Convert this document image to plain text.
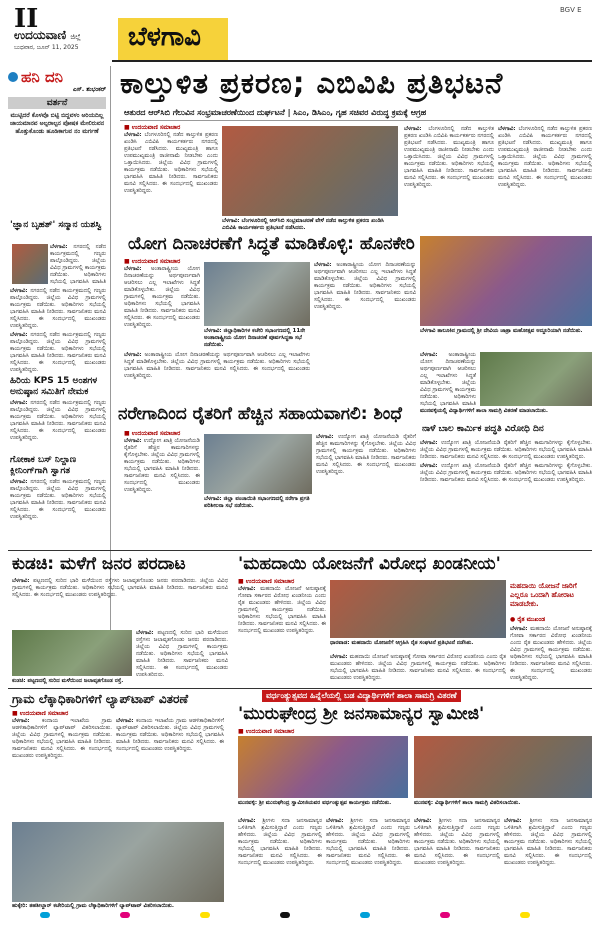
II	BGV E
ಉದಯವಾಣಿ ಜಿಲ್ಲೆ
ಬುಧವಾರ, ಜೂನ್ 11, 2025 ಬೆಳಗಾವಿ
ಹನಿ ದನಿ
ಎಸ್. ಶುಭಂಕರ್
ವರ್ತನೆ
ಮುಟ್ಟಿದರೆ ಕೊಳವೊ ಬಿಟ್ಟಿ ಬಿದ್ದವಳಂ ಅರಿಯದಿಲ್ಲ ಜಾಯಮಾನವ ಅಲ್ಪರಾಲ್ಪನ ಪೋಷಕ ಮೇಲಿರುವನ ಹೊತ್ತುಕೊಂಡು ಹೂಡಿಕಾಗುವ ನಂ ಮರ್ಗಣೆ
'ಜ್ಞಾನ ಬೃಹತ್' ಸನ್ಮಾನ ಯಶಸ್ವಿ

ಬೆಳಗಾವಿ: ನಗರದಲ್ಲಿ ನಡೆದ ಕಾರ್ಯಕ್ರಮದಲ್ಲಿ ಗಣ್ಯರು ಪಾಲ್ಗೊಂಡಿದ್ದರು. ಜಿಲ್ಲೆಯ ವಿವಿಧ ಗ್ರಾಮಗಳಲ್ಲಿ ಕಾರ್ಯಕ್ರಮ ನಡೆಯಿತು. ಅಧಿಕಾರಿಗಳು ಸಭೆಯಲ್ಲಿ ಭಾಗವಹಿಸಿ ಮಾಹಿತಿ ನೀಡಿದರು. ಸಾರ್ವಜನಿಕರು ಮನವಿ ಸಲ್ಲಿಸಿದರು. ಈ ಸಂದರ್ಭದಲ್ಲಿ ಮುಖಂಡರು ಉಪಸ್ಥಿತರಿದ್ದರು.

ಬೆಳಗಾವಿ: ನಗರದಲ್ಲಿ ನಡೆದ ಕಾರ್ಯಕ್ರಮದಲ್ಲಿ ಗಣ್ಯರು ಪಾಲ್ಗೊಂಡಿದ್ದರು. ಜಿಲ್ಲೆಯ ವಿವಿಧ ಗ್ರಾಮಗಳಲ್ಲಿ ಕಾರ್ಯಕ್ರಮ ನಡೆಯಿತು. ಅಧಿಕಾರಿಗಳು ಸಭೆಯಲ್ಲಿ ಭಾಗವಹಿಸಿ ಮಾಹಿತಿ ನೀಡಿದರು. ಸಾರ್ವಜನಿಕರು ಮನವಿ ಸಲ್ಲಿಸಿದರು. ಈ ಸಂದರ್ಭದಲ್ಲಿ ಮುಖಂಡರು ಉಪಸ್ಥಿತರಿದ್ದರು.

ಬೆಳಗಾವಿ: ನಗರದಲ್ಲಿ ನಡೆದ ಕಾರ್ಯಕ್ರಮದಲ್ಲಿ ಗಣ್ಯರು ಪಾಲ್ಗೊಂಡಿದ್ದರು. ಜಿಲ್ಲೆಯ ವಿವಿಧ ಗ್ರಾಮಗಳಲ್ಲಿ ಕಾರ್ಯಕ್ರಮ ನಡೆಯಿತು. ಅಧಿಕಾರಿಗಳು ಸಭೆಯಲ್ಲಿ ಭಾಗವಹಿಸಿ ಮಾಹಿತಿ ನೀಡಿದರು. ಸಾರ್ವಜನಿಕರು ಮನವಿ ಸಲ್ಲಿಸಿದರು. ಈ ಸಂದರ್ಭದಲ್ಲಿ ಮುಖಂಡರು ಉಪಸ್ಥಿತರಿದ್ದರು.

ಹಿರಿಯ KPS 15 ಅಂಶಗಳ ಅನುಷ್ಠಾನ ಸಮಿತಿಗೆ ನೇಮಕ

ಬೆಳಗಾವಿ: ನಗರದಲ್ಲಿ ನಡೆದ ಕಾರ್ಯಕ್ರಮದಲ್ಲಿ ಗಣ್ಯರು ಪಾಲ್ಗೊಂಡಿದ್ದರು. ಜಿಲ್ಲೆಯ ವಿವಿಧ ಗ್ರಾಮಗಳಲ್ಲಿ ಕಾರ್ಯಕ್ರಮ ನಡೆಯಿತು. ಅಧಿಕಾರಿಗಳು ಸಭೆಯಲ್ಲಿ ಭಾಗವಹಿಸಿ ಮಾಹಿತಿ ನೀಡಿದರು. ಸಾರ್ವಜನಿಕರು ಮನವಿ ಸಲ್ಲಿಸಿದರು. ಈ ಸಂದರ್ಭದಲ್ಲಿ ಮುಖಂಡರು ಉಪಸ್ಥಿತರಿದ್ದರು.

ಗೋಕಾಕ ಬಸ್ ನಿಲ್ದಾಣ ಕ್ಲೀನಿಂಗ್‌ಗಾಗಿ ಸ್ವಾಗತ

ಬೆಳಗಾವಿ: ನಗರದಲ್ಲಿ ನಡೆದ ಕಾರ್ಯಕ್ರಮದಲ್ಲಿ ಗಣ್ಯರು ಪಾಲ್ಗೊಂಡಿದ್ದರು. ಜಿಲ್ಲೆಯ ವಿವಿಧ ಗ್ರಾಮಗಳಲ್ಲಿ ಕಾರ್ಯಕ್ರಮ ನಡೆಯಿತು. ಅಧಿಕಾರಿಗಳು ಸಭೆಯಲ್ಲಿ ಭಾಗವಹಿಸಿ ಮಾಹಿತಿ ನೀಡಿದರು. ಸಾರ್ವಜನಿಕರು ಮನವಿ ಸಲ್ಲಿಸಿದರು. ಈ ಸಂದರ್ಭದಲ್ಲಿ ಮುಖಂಡರು ಉಪಸ್ಥಿತರಿದ್ದರು.

ಕಾಲ್ತುಳಿತ ಪ್ರಕರಣ; ಎಬಿವಿಪಿ ಪ್ರತಿಭಟನೆ
ಆತುರದ ಆರ್‌ಸಿಬಿ ಗೆಲುವಿನ ಸಂಭ್ರಮಾಚರಣೆಯಿಂದ ದುರ್ಘಟನೆ | ಸಿಎಂ, ಡಿಸಿಎಂ, ಗೃಹ ಸಚಿವರ ವಿರುದ್ಧ ಕ್ರಮಕ್ಕೆ ಆಗ್ರಹ
■ ಉದಯವಾಣಿ ಸಮಾಚಾರ

ಬೆಳಗಾವಿ: ಬೆಂಗಳೂರಿನಲ್ಲಿ ನಡೆದ ಕಾಲ್ತುಳಿತ ಪ್ರಕರಣ ಖಂಡಿಸಿ ಎಬಿವಿಪಿ ಕಾರ್ಯಕರ್ತರು ನಗರದಲ್ಲಿ ಪ್ರತಿಭಟನೆ ನಡೆಸಿದರು. ಮುಖ್ಯಮಂತ್ರಿ ಹಾಗೂ ಉಪಮುಖ್ಯಮಂತ್ರಿ ರಾಜೀನಾಮೆ ನೀಡಬೇಕು ಎಂದು ಒತ್ತಾಯಿಸಿದರು. ಜಿಲ್ಲೆಯ ವಿವಿಧ ಗ್ರಾಮಗಳಲ್ಲಿ ಕಾರ್ಯಕ್ರಮ ನಡೆಯಿತು. ಅಧಿಕಾರಿಗಳು ಸಭೆಯಲ್ಲಿ ಭಾಗವಹಿಸಿ ಮಾಹಿತಿ ನೀಡಿದರು. ಸಾರ್ವಜನಿಕರು ಮನವಿ ಸಲ್ಲಿಸಿದರು. ಈ ಸಂದರ್ಭದಲ್ಲಿ ಮುಖಂಡರು ಉಪಸ್ಥಿತರಿದ್ದರು.

ಬೆಳಗಾವಿ: ಬೆಂಗಳೂರಿನಲ್ಲಿ ಆರ್‌ಸಿಬಿ ಸಂಭ್ರಮಾಚರಣೆ ವೇಳೆ ನಡೆದ ಕಾಲ್ತುಳಿತ ಪ್ರಕರಣ ಖಂಡಿಸಿ ಎಬಿವಿಪಿ ಕಾರ್ಯಕರ್ತರು ಪ್ರತಿಭಟನೆ ನಡೆಸಿದರು.

ಬೆಳಗಾವಿ: ಬೆಂಗಳೂರಿನಲ್ಲಿ ನಡೆದ ಕಾಲ್ತುಳಿತ ಪ್ರಕರಣ ಖಂಡಿಸಿ ಎಬಿವಿಪಿ ಕಾರ್ಯಕರ್ತರು ನಗರದಲ್ಲಿ ಪ್ರತಿಭಟನೆ ನಡೆಸಿದರು. ಮುಖ್ಯಮಂತ್ರಿ ಹಾಗೂ ಉಪಮುಖ್ಯಮಂತ್ರಿ ರಾಜೀನಾಮೆ ನೀಡಬೇಕು ಎಂದು ಒತ್ತಾಯಿಸಿದರು. ಜಿಲ್ಲೆಯ ವಿವಿಧ ಗ್ರಾಮಗಳಲ್ಲಿ ಕಾರ್ಯಕ್ರಮ ನಡೆಯಿತು. ಅಧಿಕಾರಿಗಳು ಸಭೆಯಲ್ಲಿ ಭಾಗವಹಿಸಿ ಮಾಹಿತಿ ನೀಡಿದರು. ಸಾರ್ವಜನಿಕರು ಮನವಿ ಸಲ್ಲಿಸಿದರು. ಈ ಸಂದರ್ಭದಲ್ಲಿ ಮುಖಂಡರು ಉಪಸ್ಥಿತರಿದ್ದರು.

ಬೆಳಗಾವಿ: ಬೆಂಗಳೂರಿನಲ್ಲಿ ನಡೆದ ಕಾಲ್ತುಳಿತ ಪ್ರಕರಣ ಖಂಡಿಸಿ ಎಬಿವಿಪಿ ಕಾರ್ಯಕರ್ತರು ನಗರದಲ್ಲಿ ಪ್ರತಿಭಟನೆ ನಡೆಸಿದರು. ಮುಖ್ಯಮಂತ್ರಿ ಹಾಗೂ ಉಪಮುಖ್ಯಮಂತ್ರಿ ರಾಜೀನಾಮೆ ನೀಡಬೇಕು ಎಂದು ಒತ್ತಾಯಿಸಿದರು. ಜಿಲ್ಲೆಯ ವಿವಿಧ ಗ್ರಾಮಗಳಲ್ಲಿ ಕಾರ್ಯಕ್ರಮ ನಡೆಯಿತು. ಅಧಿಕಾರಿಗಳು ಸಭೆಯಲ್ಲಿ ಭಾಗವಹಿಸಿ ಮಾಹಿತಿ ನೀಡಿದರು. ಸಾರ್ವಜನಿಕರು ಮನವಿ ಸಲ್ಲಿಸಿದರು. ಈ ಸಂದರ್ಭದಲ್ಲಿ ಮುಖಂಡರು ಉಪಸ್ಥಿತರಿದ್ದರು.

ಯೋಗ ದಿನಾಚರಣೆಗೆ ಸಿದ್ಧತೆ ಮಾಡಿಕೊಳ್ಳಿ: ಹೊನಕೇರಿ
■ ಉದಯವಾಣಿ ಸಮಾಚಾರ

ಬೆಳಗಾವಿ: ಅಂತಾರಾಷ್ಟ್ರೀಯ ಯೋಗ ದಿನಾಚರಣೆಯನ್ನು ಅರ್ಥಪೂರ್ಣವಾಗಿ ಆಚರಿಸಲು ಎಲ್ಲ ಇಲಾಖೆಗಳು ಸಿದ್ಧತೆ ಮಾಡಿಕೊಳ್ಳಬೇಕು. ಜಿಲ್ಲೆಯ ವಿವಿಧ ಗ್ರಾಮಗಳಲ್ಲಿ ಕಾರ್ಯಕ್ರಮ ನಡೆಯಿತು. ಅಧಿಕಾರಿಗಳು ಸಭೆಯಲ್ಲಿ ಭಾಗವಹಿಸಿ ಮಾಹಿತಿ ನೀಡಿದರು. ಸಾರ್ವಜನಿಕರು ಮನವಿ ಸಲ್ಲಿಸಿದರು. ಈ ಸಂದರ್ಭದಲ್ಲಿ ಮುಖಂಡರು ಉಪಸ್ಥಿತರಿದ್ದರು.

ಬೆಳಗಾವಿ: ಜಿಲ್ಲಾಧಿಕಾರಿಗಳ ಕಚೇರಿ ಸಭಾಂಗಣದಲ್ಲಿ 11ನೇ ಅಂತಾರಾಷ್ಟ್ರೀಯ ಯೋಗ ದಿನಾಚರಣೆ ಪೂರ್ವಸಿದ್ಧತಾ ಸಭೆ ನಡೆಯಿತು.

ಬೆಳಗಾವಿ: ಅಂತಾರಾಷ್ಟ್ರೀಯ ಯೋಗ ದಿನಾಚರಣೆಯನ್ನು ಅರ್ಥಪೂರ್ಣವಾಗಿ ಆಚರಿಸಲು ಎಲ್ಲ ಇಲಾಖೆಗಳು ಸಿದ್ಧತೆ ಮಾಡಿಕೊಳ್ಳಬೇಕು. ಜಿಲ್ಲೆಯ ವಿವಿಧ ಗ್ರಾಮಗಳಲ್ಲಿ ಕಾರ್ಯಕ್ರಮ ನಡೆಯಿತು. ಅಧಿಕಾರಿಗಳು ಸಭೆಯಲ್ಲಿ ಭಾಗವಹಿಸಿ ಮಾಹಿತಿ ನೀಡಿದರು. ಸಾರ್ವಜನಿಕರು ಮನವಿ ಸಲ್ಲಿಸಿದರು. ಈ ಸಂದರ್ಭದಲ್ಲಿ ಮುಖಂಡರು ಉಪಸ್ಥಿತರಿದ್ದರು.

ಬೆಳಗಾವಿ: ಅಂತಾರಾಷ್ಟ್ರೀಯ ಯೋಗ ದಿನಾಚರಣೆಯನ್ನು ಅರ್ಥಪೂರ್ಣವಾಗಿ ಆಚರಿಸಲು ಎಲ್ಲ ಇಲಾಖೆಗಳು ಸಿದ್ಧತೆ ಮಾಡಿಕೊಳ್ಳಬೇಕು. ಜಿಲ್ಲೆಯ ವಿವಿಧ ಗ್ರಾಮಗಳಲ್ಲಿ ಕಾರ್ಯಕ್ರಮ ನಡೆಯಿತು. ಅಧಿಕಾರಿಗಳು ಸಭೆಯಲ್ಲಿ ಭಾಗವಹಿಸಿ ಮಾಹಿತಿ ನೀಡಿದರು. ಸಾರ್ವಜನಿಕರು ಮನವಿ ಸಲ್ಲಿಸಿದರು. ಈ ಸಂದರ್ಭದಲ್ಲಿ ಮುಖಂಡರು ಉಪಸ್ಥಿತರಿದ್ದರು.

ಬೆಳಗಾವಿ ತಾಲೂಕಿನ ಗ್ರಾಮದಲ್ಲಿ ಶ್ರೀ ದೇವಿಯ ಜಾತ್ರಾ ಮಹೋತ್ಸವ ಅದ್ದೂರಿಯಾಗಿ ನಡೆಯಿತು.

ಬೆಳಗಾವಿ: ಅಂತಾರಾಷ್ಟ್ರೀಯ ಯೋಗ ದಿನಾಚರಣೆಯನ್ನು ಅರ್ಥಪೂರ್ಣವಾಗಿ ಆಚರಿಸಲು ಎಲ್ಲ ಇಲಾಖೆಗಳು ಸಿದ್ಧತೆ ಮಾಡಿಕೊಳ್ಳಬೇಕು. ಜಿಲ್ಲೆಯ ವಿವಿಧ ಗ್ರಾಮಗಳಲ್ಲಿ ಕಾರ್ಯಕ್ರಮ ನಡೆಯಿತು. ಅಧಿಕಾರಿಗಳು ಸಭೆಯಲ್ಲಿ ಭಾಗವಹಿಸಿ ಮಾಹಿತಿ ನೀಡಿದರು. ಸಾರ್ವಜನಿಕರು ಮನವಿ ಸಲ್ಲಿಸಿದರು. ಈ ಸಂದರ್ಭದಲ್ಲಿ ಮುಖಂಡರು ಉಪಸ್ಥಿತರಿದ್ದರು.

ಮುನವಳ್ಳಿಯಲ್ಲಿ ವಿದ್ಯಾರ್ಥಿಗಳಿಗೆ ಶಾಲಾ ಸಾಮಗ್ರಿ ವಿತರಣೆ ಮಾಡಲಾಯಿತು.
ನರೇಗಾದಿಂದ ರೈತರಿಗೆ ಹೆಚ್ಚಿನ ಸಹಾಯವಾಗಲಿ: ಶಿಂಧೆ
■ ಉದಯವಾಣಿ ಸಮಾಚಾರ

ಬೆಳಗಾವಿ: ಉದ್ಯೋಗ ಖಾತ್ರಿ ಯೋಜನೆಯಡಿ ರೈತರಿಗೆ ಹೆಚ್ಚಿನ ಕಾಮಗಾರಿಗಳನ್ನು ಕೈಗೊಳ್ಳಬೇಕು. ಜಿಲ್ಲೆಯ ವಿವಿಧ ಗ್ರಾಮಗಳಲ್ಲಿ ಕಾರ್ಯಕ್ರಮ ನಡೆಯಿತು. ಅಧಿಕಾರಿಗಳು ಸಭೆಯಲ್ಲಿ ಭಾಗವಹಿಸಿ ಮಾಹಿತಿ ನೀಡಿದರು. ಸಾರ್ವಜನಿಕರು ಮನವಿ ಸಲ್ಲಿಸಿದರು. ಈ ಸಂದರ್ಭದಲ್ಲಿ ಮುಖಂಡರು ಉಪಸ್ಥಿತರಿದ್ದರು.

ಬೆಳಗಾವಿ: ಜಿಲ್ಲಾ ಪಂಚಾಯಿತಿ ಸಭಾಂಗಣದಲ್ಲಿ ನರೇಗಾ ಪ್ರಗತಿ ಪರಿಶೀಲನಾ ಸಭೆ ನಡೆಯಿತು.

ಬೆಳಗಾವಿ: ಉದ್ಯೋಗ ಖಾತ್ರಿ ಯೋಜನೆಯಡಿ ರೈತರಿಗೆ ಹೆಚ್ಚಿನ ಕಾಮಗಾರಿಗಳನ್ನು ಕೈಗೊಳ್ಳಬೇಕು. ಜಿಲ್ಲೆಯ ವಿವಿಧ ಗ್ರಾಮಗಳಲ್ಲಿ ಕಾರ್ಯಕ್ರಮ ನಡೆಯಿತು. ಅಧಿಕಾರಿಗಳು ಸಭೆಯಲ್ಲಿ ಭಾಗವಹಿಸಿ ಮಾಹಿತಿ ನೀಡಿದರು. ಸಾರ್ವಜನಿಕರು ಮನವಿ ಸಲ್ಲಿಸಿದರು. ಈ ಸಂದರ್ಭದಲ್ಲಿ ಮುಖಂಡರು ಉಪಸ್ಥಿತರಿದ್ದರು.

ನಾಳೆ ಬಾಲ ಕಾರ್ಮಿಕ ಪದ್ಧತಿ ವಿರೋಧಿ ದಿನ

ಬೆಳಗಾವಿ: ಉದ್ಯೋಗ ಖಾತ್ರಿ ಯೋಜನೆಯಡಿ ರೈತರಿಗೆ ಹೆಚ್ಚಿನ ಕಾಮಗಾರಿಗಳನ್ನು ಕೈಗೊಳ್ಳಬೇಕು. ಜಿಲ್ಲೆಯ ವಿವಿಧ ಗ್ರಾಮಗಳಲ್ಲಿ ಕಾರ್ಯಕ್ರಮ ನಡೆಯಿತು. ಅಧಿಕಾರಿಗಳು ಸಭೆಯಲ್ಲಿ ಭಾಗವಹಿಸಿ ಮಾಹಿತಿ ನೀಡಿದರು. ಸಾರ್ವಜನಿಕರು ಮನವಿ ಸಲ್ಲಿಸಿದರು. ಈ ಸಂದರ್ಭದಲ್ಲಿ ಮುಖಂಡರು ಉಪಸ್ಥಿತರಿದ್ದರು.

ಬೆಳಗಾವಿ: ಉದ್ಯೋಗ ಖಾತ್ರಿ ಯೋಜನೆಯಡಿ ರೈತರಿಗೆ ಹೆಚ್ಚಿನ ಕಾಮಗಾರಿಗಳನ್ನು ಕೈಗೊಳ್ಳಬೇಕು. ಜಿಲ್ಲೆಯ ವಿವಿಧ ಗ್ರಾಮಗಳಲ್ಲಿ ಕಾರ್ಯಕ್ರಮ ನಡೆಯಿತು. ಅಧಿಕಾರಿಗಳು ಸಭೆಯಲ್ಲಿ ಭಾಗವಹಿಸಿ ಮಾಹಿತಿ ನೀಡಿದರು. ಸಾರ್ವಜನಿಕರು ಮನವಿ ಸಲ್ಲಿಸಿದರು. ಈ ಸಂದರ್ಭದಲ್ಲಿ ಮುಖಂಡರು ಉಪಸ್ಥಿತರಿದ್ದರು.

ಕುಡಚಿ: ಮಳೆಗೆ ಜನರ ಪರದಾಟ

ಬೆಳಗಾವಿ: ಪಟ್ಟಣದಲ್ಲಿ ಸುರಿದ ಭಾರಿ ಮಳೆಯಿಂದ ರಸ್ತೆಗಳು ಜಲಾವೃತಗೊಂಡು ಜನರು ಪರದಾಡಿದರು. ಜಿಲ್ಲೆಯ ವಿವಿಧ ಗ್ರಾಮಗಳಲ್ಲಿ ಕಾರ್ಯಕ್ರಮ ನಡೆಯಿತು. ಅಧಿಕಾರಿಗಳು ಸಭೆಯಲ್ಲಿ ಭಾಗವಹಿಸಿ ಮಾಹಿತಿ ನೀಡಿದರು. ಸಾರ್ವಜನಿಕರು ಮನವಿ ಸಲ್ಲಿಸಿದರು. ಈ ಸಂದರ್ಭದಲ್ಲಿ ಮುಖಂಡರು ಉಪಸ್ಥಿತರಿದ್ದರು.

ಬೆಳಗಾವಿ: ಪಟ್ಟಣದಲ್ಲಿ ಸುರಿದ ಭಾರಿ ಮಳೆಯಿಂದ ರಸ್ತೆಗಳು ಜಲಾವೃತಗೊಂಡು ಜನರು ಪರದಾಡಿದರು. ಜಿಲ್ಲೆಯ ವಿವಿಧ ಗ್ರಾಮಗಳಲ್ಲಿ ಕಾರ್ಯಕ್ರಮ ನಡೆಯಿತು. ಅಧಿಕಾರಿಗಳು ಸಭೆಯಲ್ಲಿ ಭಾಗವಹಿಸಿ ಮಾಹಿತಿ ನೀಡಿದರು. ಸಾರ್ವಜನಿಕರು ಮನವಿ ಸಲ್ಲಿಸಿದರು. ಈ ಸಂದರ್ಭದಲ್ಲಿ ಮುಖಂಡರು ಉಪಸ್ಥಿತರಿದ್ದರು.

ಕುಡಚಿ: ಪಟ್ಟಣದಲ್ಲಿ ಸುರಿದ ಮಳೆಯಿಂದ ಜಲಾವೃತಗೊಂಡ ರಸ್ತೆ.
'ಮಹದಾಯಿ ಯೋಜನೆಗೆ ವಿರೋಧ ಖಂಡನೀಯ'
■ ಉದಯವಾಣಿ ಸಮಾಚಾರ

ಬೆಳಗಾವಿ: ಮಹದಾಯಿ ಯೋಜನೆ ಅನುಷ್ಠಾನಕ್ಕೆ ಗೋವಾ ಸರ್ಕಾರದ ವಿರೋಧ ಖಂಡನೀಯ ಎಂದು ರೈತ ಮುಖಂಡರು ಹೇಳಿದರು. ಜಿಲ್ಲೆಯ ವಿವಿಧ ಗ್ರಾಮಗಳಲ್ಲಿ ಕಾರ್ಯಕ್ರಮ ನಡೆಯಿತು. ಅಧಿಕಾರಿಗಳು ಸಭೆಯಲ್ಲಿ ಭಾಗವಹಿಸಿ ಮಾಹಿತಿ ನೀಡಿದರು. ಸಾರ್ವಜನಿಕರು ಮನವಿ ಸಲ್ಲಿಸಿದರು. ಈ ಸಂದರ್ಭದಲ್ಲಿ ಮುಖಂಡರು ಉಪಸ್ಥಿತರಿದ್ದರು.

ಧಾರವಾಡ: ಮಹದಾಯಿ ಯೋಜನೆಗೆ ಆಗ್ರಹಿಸಿ ರೈತ ಸಂಘಟನೆ ಪ್ರತಿಭಟನೆ ನಡೆಸಿತು.

ಬೆಳಗಾವಿ: ಮಹದಾಯಿ ಯೋಜನೆ ಅನುಷ್ಠಾನಕ್ಕೆ ಗೋವಾ ಸರ್ಕಾರದ ವಿರೋಧ ಖಂಡನೀಯ ಎಂದು ರೈತ ಮುಖಂಡರು ಹೇಳಿದರು. ಜಿಲ್ಲೆಯ ವಿವಿಧ ಗ್ರಾಮಗಳಲ್ಲಿ ಕಾರ್ಯಕ್ರಮ ನಡೆಯಿತು. ಅಧಿಕಾರಿಗಳು ಸಭೆಯಲ್ಲಿ ಭಾಗವಹಿಸಿ ಮಾಹಿತಿ ನೀಡಿದರು. ಸಾರ್ವಜನಿಕರು ಮನವಿ ಸಲ್ಲಿಸಿದರು. ಈ ಸಂದರ್ಭದಲ್ಲಿ ಮುಖಂಡರು ಉಪಸ್ಥಿತರಿದ್ದರು.

ಮಹದಾಯಿ ಯೋಜನೆ ಜಾರಿಗೆ ಎಲ್ಲರೂ ಒಂದಾಗಿ ಹೋರಾಟ ಮಾಡಬೇಕು.
● ರೈತ ಮುಖಂಡ

ಬೆಳಗಾವಿ: ಮಹದಾಯಿ ಯೋಜನೆ ಅನುಷ್ಠಾನಕ್ಕೆ ಗೋವಾ ಸರ್ಕಾರದ ವಿರೋಧ ಖಂಡನೀಯ ಎಂದು ರೈತ ಮುಖಂಡರು ಹೇಳಿದರು. ಜಿಲ್ಲೆಯ ವಿವಿಧ ಗ್ರಾಮಗಳಲ್ಲಿ ಕಾರ್ಯಕ್ರಮ ನಡೆಯಿತು. ಅಧಿಕಾರಿಗಳು ಸಭೆಯಲ್ಲಿ ಭಾಗವಹಿಸಿ ಮಾಹಿತಿ ನೀಡಿದರು. ಸಾರ್ವಜನಿಕರು ಮನವಿ ಸಲ್ಲಿಸಿದರು. ಈ ಸಂದರ್ಭದಲ್ಲಿ ಮುಖಂಡರು ಉಪಸ್ಥಿತರಿದ್ದರು.

ಗ್ರಾಮ ಲೆಕ್ಕಾಧಿಕಾರಿಗಳಿಗೆ ಲ್ಯಾಪ್‌ಟಾಪ್ ವಿತರಣೆ
■ ಉದಯವಾಣಿ ಸಮಾಚಾರ

ಬೆಳಗಾವಿ: ಕಂದಾಯ ಇಲಾಖೆಯ ಗ್ರಾಮ ಆಡಳಿತಾಧಿಕಾರಿಗಳಿಗೆ ಲ್ಯಾಪ್‌ಟಾಪ್ ವಿತರಿಸಲಾಯಿತು. ಜಿಲ್ಲೆಯ ವಿವಿಧ ಗ್ರಾಮಗಳಲ್ಲಿ ಕಾರ್ಯಕ್ರಮ ನಡೆಯಿತು. ಅಧಿಕಾರಿಗಳು ಸಭೆಯಲ್ಲಿ ಭಾಗವಹಿಸಿ ಮಾಹಿತಿ ನೀಡಿದರು. ಸಾರ್ವಜನಿಕರು ಮನವಿ ಸಲ್ಲಿಸಿದರು. ಈ ಸಂದರ್ಭದಲ್ಲಿ ಮುಖಂಡರು ಉಪಸ್ಥಿತರಿದ್ದರು.

ಬೆಳಗಾವಿ: ಕಂದಾಯ ಇಲಾಖೆಯ ಗ್ರಾಮ ಆಡಳಿತಾಧಿಕಾರಿಗಳಿಗೆ ಲ್ಯಾಪ್‌ಟಾಪ್ ವಿತರಿಸಲಾಯಿತು. ಜಿಲ್ಲೆಯ ವಿವಿಧ ಗ್ರಾಮಗಳಲ್ಲಿ ಕಾರ್ಯಕ್ರಮ ನಡೆಯಿತು. ಅಧಿಕಾರಿಗಳು ಸಭೆಯಲ್ಲಿ ಭಾಗವಹಿಸಿ ಮಾಹಿತಿ ನೀಡಿದರು. ಸಾರ್ವಜನಿಕರು ಮನವಿ ಸಲ್ಲಿಸಿದರು. ಈ ಸಂದರ್ಭದಲ್ಲಿ ಮುಖಂಡರು ಉಪಸ್ಥಿತರಿದ್ದರು.

ಹುಕ್ಕೇರಿ: ತಹಶೀಲ್ದಾರ್ ಕಚೇರಿಯಲ್ಲಿ ಗ್ರಾಮ ಲೆಕ್ಕಾಧಿಕಾರಿಗಳಿಗೆ ಲ್ಯಾಪ್‌ಟಾಪ್ ವಿತರಿಸಲಾಯಿತು.
ವರ್ಧಂತ್ಯುತ್ಸವದ ಹಿನ್ನೆಲೆಯಲ್ಲಿ ಬಡ ವಿದ್ಯಾರ್ಥಿಗಳಿಗೆ ಶಾಲಾ ಸಾಮಗ್ರಿ ವಿತರಣೆ
'ಮುರುಘೇಂದ್ರ ಶ್ರೀ ಜನಸಾಮಾನ್ಯರ ಸ್ವಾಮೀಜಿ'
■ ಉದಯವಾಣಿ ಸಮಾಚಾರ
ಮುನವಳ್ಳಿ: ಶ್ರೀ ಮುರುಘೇಂದ್ರ ಸ್ವಾಮೀಜಿಯವರ ವರ್ಧಂತ್ಯುತ್ಸವ ಕಾರ್ಯಕ್ರಮ ನಡೆಯಿತು.	ಮುನವಳ್ಳಿ: ವಿದ್ಯಾರ್ಥಿಗಳಿಗೆ ಶಾಲಾ ಸಾಮಗ್ರಿ ವಿತರಿಸಲಾಯಿತು.

ಬೆಳಗಾವಿ: ಶ್ರೀಗಳು ಸದಾ ಜನಸಾಮಾನ್ಯರ ಒಳಿತಿಗಾಗಿ ಶ್ರಮಿಸುತ್ತಿದ್ದಾರೆ ಎಂದು ಗಣ್ಯರು ಹೇಳಿದರು. ಜಿಲ್ಲೆಯ ವಿವಿಧ ಗ್ರಾಮಗಳಲ್ಲಿ ಕಾರ್ಯಕ್ರಮ ನಡೆಯಿತು. ಅಧಿಕಾರಿಗಳು ಸಭೆಯಲ್ಲಿ ಭಾಗವಹಿಸಿ ಮಾಹಿತಿ ನೀಡಿದರು. ಸಾರ್ವಜನಿಕರು ಮನವಿ ಸಲ್ಲಿಸಿದರು. ಈ ಸಂದರ್ಭದಲ್ಲಿ ಮುಖಂಡರು ಉಪಸ್ಥಿತರಿದ್ದರು.

ಬೆಳಗಾವಿ: ಶ್ರೀಗಳು ಸದಾ ಜನಸಾಮಾನ್ಯರ ಒಳಿತಿಗಾಗಿ ಶ್ರಮಿಸುತ್ತಿದ್ದಾರೆ ಎಂದು ಗಣ್ಯರು ಹೇಳಿದರು. ಜಿಲ್ಲೆಯ ವಿವಿಧ ಗ್ರಾಮಗಳಲ್ಲಿ ಕಾರ್ಯಕ್ರಮ ನಡೆಯಿತು. ಅಧಿಕಾರಿಗಳು ಸಭೆಯಲ್ಲಿ ಭಾಗವಹಿಸಿ ಮಾಹಿತಿ ನೀಡಿದರು. ಸಾರ್ವಜನಿಕರು ಮನವಿ ಸಲ್ಲಿಸಿದರು. ಈ ಸಂದರ್ಭದಲ್ಲಿ ಮುಖಂಡರು ಉಪಸ್ಥಿತರಿದ್ದರು.

ಬೆಳಗಾವಿ: ಶ್ರೀಗಳು ಸದಾ ಜನಸಾಮಾನ್ಯರ ಒಳಿತಿಗಾಗಿ ಶ್ರಮಿಸುತ್ತಿದ್ದಾರೆ ಎಂದು ಗಣ್ಯರು ಹೇಳಿದರು. ಜಿಲ್ಲೆಯ ವಿವಿಧ ಗ್ರಾಮಗಳಲ್ಲಿ ಕಾರ್ಯಕ್ರಮ ನಡೆಯಿತು. ಅಧಿಕಾರಿಗಳು ಸಭೆಯಲ್ಲಿ ಭಾಗವಹಿಸಿ ಮಾಹಿತಿ ನೀಡಿದರು. ಸಾರ್ವಜನಿಕರು ಮನವಿ ಸಲ್ಲಿಸಿದರು. ಈ ಸಂದರ್ಭದಲ್ಲಿ ಮುಖಂಡರು ಉಪಸ್ಥಿತರಿದ್ದರು.

ಬೆಳಗಾವಿ: ಶ್ರೀಗಳು ಸದಾ ಜನಸಾಮಾನ್ಯರ ಒಳಿತಿಗಾಗಿ ಶ್ರಮಿಸುತ್ತಿದ್ದಾರೆ ಎಂದು ಗಣ್ಯರು ಹೇಳಿದರು. ಜಿಲ್ಲೆಯ ವಿವಿಧ ಗ್ರಾಮಗಳಲ್ಲಿ ಕಾರ್ಯಕ್ರಮ ನಡೆಯಿತು. ಅಧಿಕಾರಿಗಳು ಸಭೆಯಲ್ಲಿ ಭಾಗವಹಿಸಿ ಮಾಹಿತಿ ನೀಡಿದರು. ಸಾರ್ವಜನಿಕರು ಮನವಿ ಸಲ್ಲಿಸಿದರು. ಈ ಸಂದರ್ಭದಲ್ಲಿ ಮುಖಂಡರು ಉಪಸ್ಥಿತರಿದ್ದರು.
